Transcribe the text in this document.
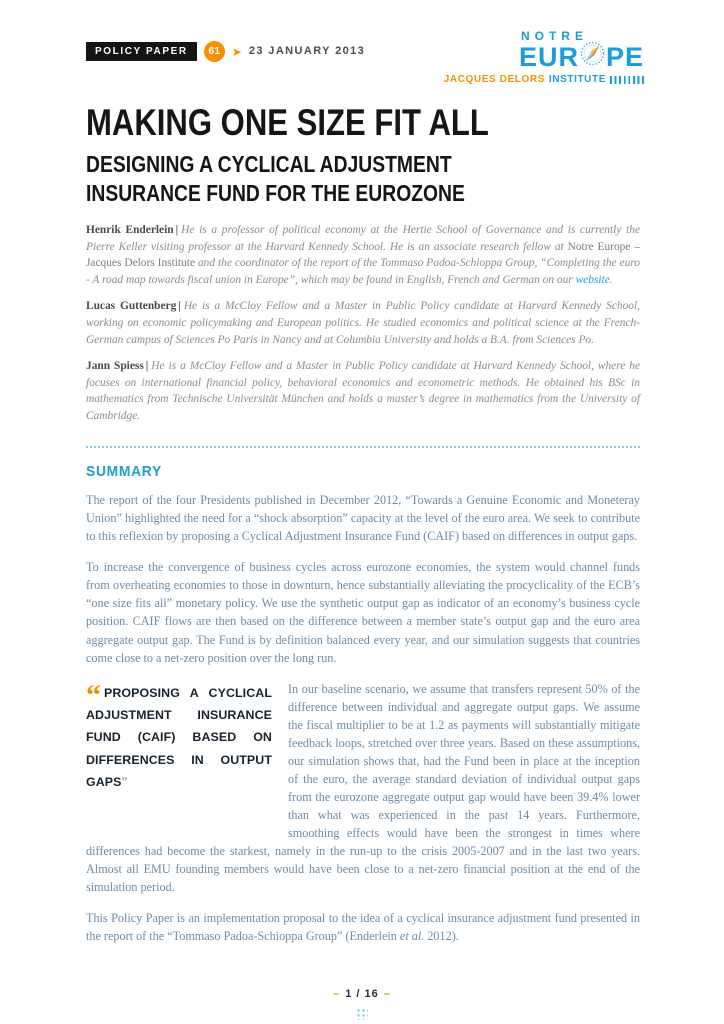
POLICY PAPER	61 ➤ 23 JANUARY 2013
NOTRE
EUR PE
JACQUES DELORS INSTITUTE
MAKING ONE SIZE FIT ALL
DESIGNING A CYCLICAL ADJUSTMENT
INSURANCE FUND FOR THE EUROZONE

Henrik Enderlein | He is a professor of political economy at the Hertie School of Governance and is currently the Pierre Keller visiting professor at the Harvard Kennedy School. He is an associate research fellow at Notre Europe – Jacques Delors Institute and the coordinator of the report of the Tommaso Padoa-Schioppa Group, “Completing the euro - A road map towards fiscal union in Europe”, which may be found in English, French and German on our website.

Lucas Guttenberg | He is a McCloy Fellow and a Master in Public Policy candidate at Harvard Kennedy School, working on economic policymaking and European politics. He studied economics and political science at the French-German campus of Sciences Po Paris in Nancy and at Columbia University and holds a B.A. from Sciences Po.

Jann Spiess | He is a McCloy Fellow and a Master in Public Policy candidate at Harvard Kennedy School, where he focuses on international financial policy, behavioral economics and econometric methods. He obtained his BSc in mathematics from Technische Universität München and holds a master’s degree in mathematics from the University of Cambridge.

SUMMARY

The report of the four Presidents published in December 2012, “Towards a Genuine Economic and Moneteray Union” highlighted the need for a “shock absorption” capacity at the level of the euro area. We seek to contribute to this reflexion by proposing a Cyclical Adjustment Insurance Fund (CAIF) based on differences in output gaps.

To increase the convergence of business cycles across eurozone economies, the system would channel funds from overheating economies to those in downturn, hence substantially alleviating the procyclicality of the ECB’s “one size fits all” monetary policy. We use the synthetic output gap as indicator of an economy’s business cycle position. CAIF flows are then based on the difference between a member state’s output gap and the euro area aggregate output gap. The Fund is by definition balanced every year, and our simulation suggests that countries come close to a net-zero position over the long run.

“ PROPOSING A CYCLICAL ADJUSTMENT INSURANCE FUND (CAIF) BASED ON DIFFERENCES IN OUTPUT GAPS”
In our baseline scenario, we assume that transfers represent 50% of the difference between individual and aggregate output gaps. We assume the fiscal multiplier to be at 1.2 as payments will substantially mitigate feedback loops, stretched over three years. Based on these assumptions, our simulation shows that, had the Fund been in place at the inception of the euro, the average standard deviation of individual output gaps from the eurozone aggregate output gap would have been 39.4% lower than what was experienced in the past 14 years. Furthermore, smoothing effects would have been the strongest in times where differences had become the starkest, namely in the run-up to the crisis 2005-2007 and in the last two years. Almost all EMU founding members would have been close to a net-zero financial position at the end of the simulation period.

This Policy Paper is an implementation proposal to the idea of a cyclical insurance adjustment fund presented in the report of the “Tommaso Padoa-Schioppa Group” (Enderlein et al. 2012).

– 1 / 16 –
